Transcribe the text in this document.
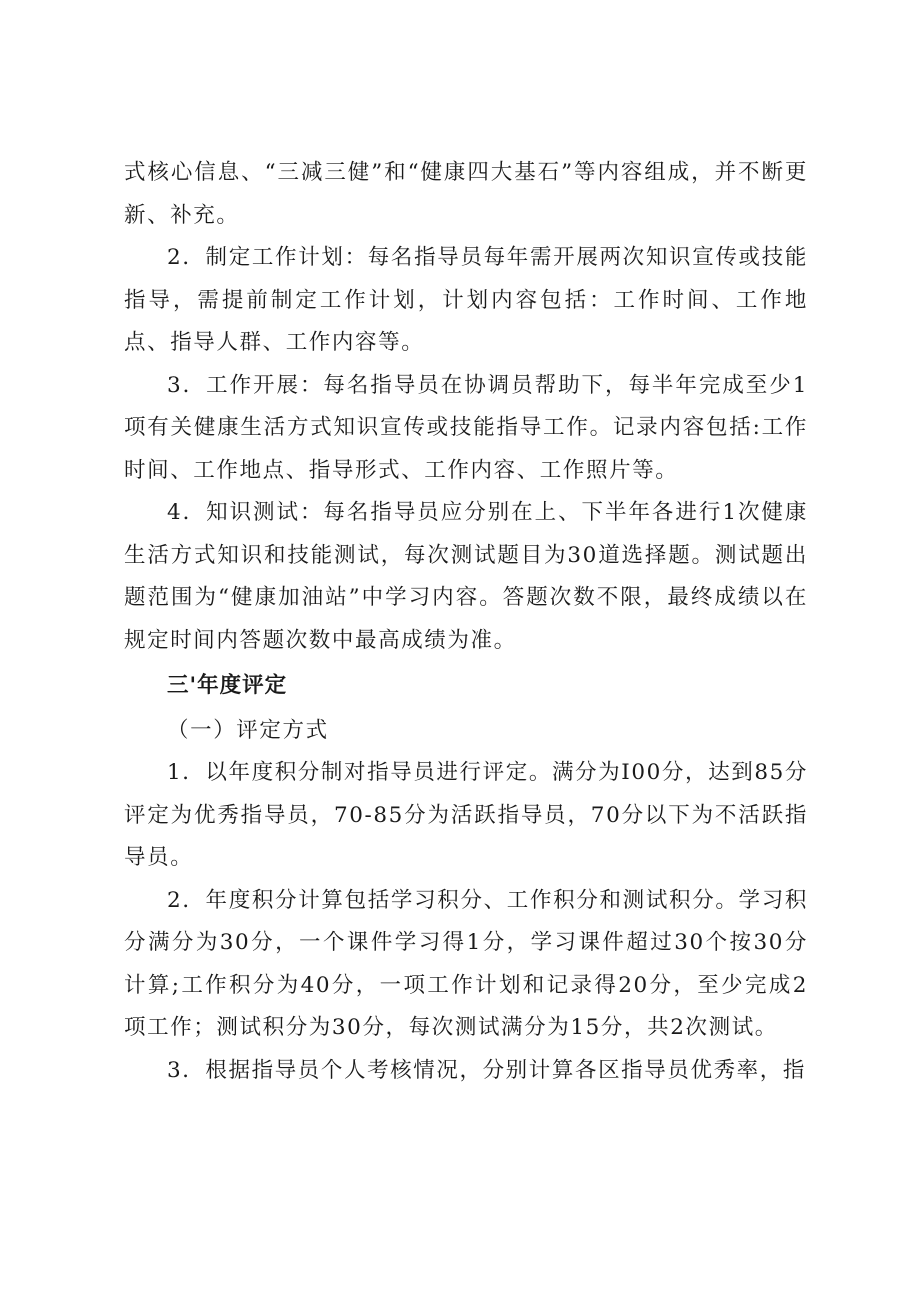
式核心信息、“三减三健”和“健康四大基石”等内容组成，并不断更新、补充。

2．制定工作计划：每名指导员每年需开展两次知识宣传或技能指导，需提前制定工作计划，计划内容包括：工作时间、工作地点、指导人群、工作内容等。

3．工作开展：每名指导员在协调员帮助下，每半年完成至少1项有关健康生活方式知识宣传或技能指导工作。记录内容包括:工作时间、工作地点、指导形式、工作内容、工作照片等。

4．知识测试：每名指导员应分别在上、下半年各进行1次健康生活方式知识和技能测试，每次测试题目为30道选择题。测试题出题范围为“健康加油站”中学习内容。答题次数不限，最终成绩以在规定时间内答题次数中最高成绩为准。

三'年度评定

（一）评定方式

1．以年度积分制对指导员进行评定。满分为I00分，达到85分评定为优秀指导员，70-85分为活跃指导员，70分以下为不活跃指导员。

2．年度积分计算包括学习积分、工作积分和测试积分。学习积分满分为30分，一个课件学习得1分，学习课件超过30个按30分计算;工作积分为40分，一项工作计划和记录得20分，至少完成2项工作；测试积分为30分，每次测试满分为15分，共2次测试。

3．根据指导员个人考核情况，分别计算各区指导员优秀率，指
